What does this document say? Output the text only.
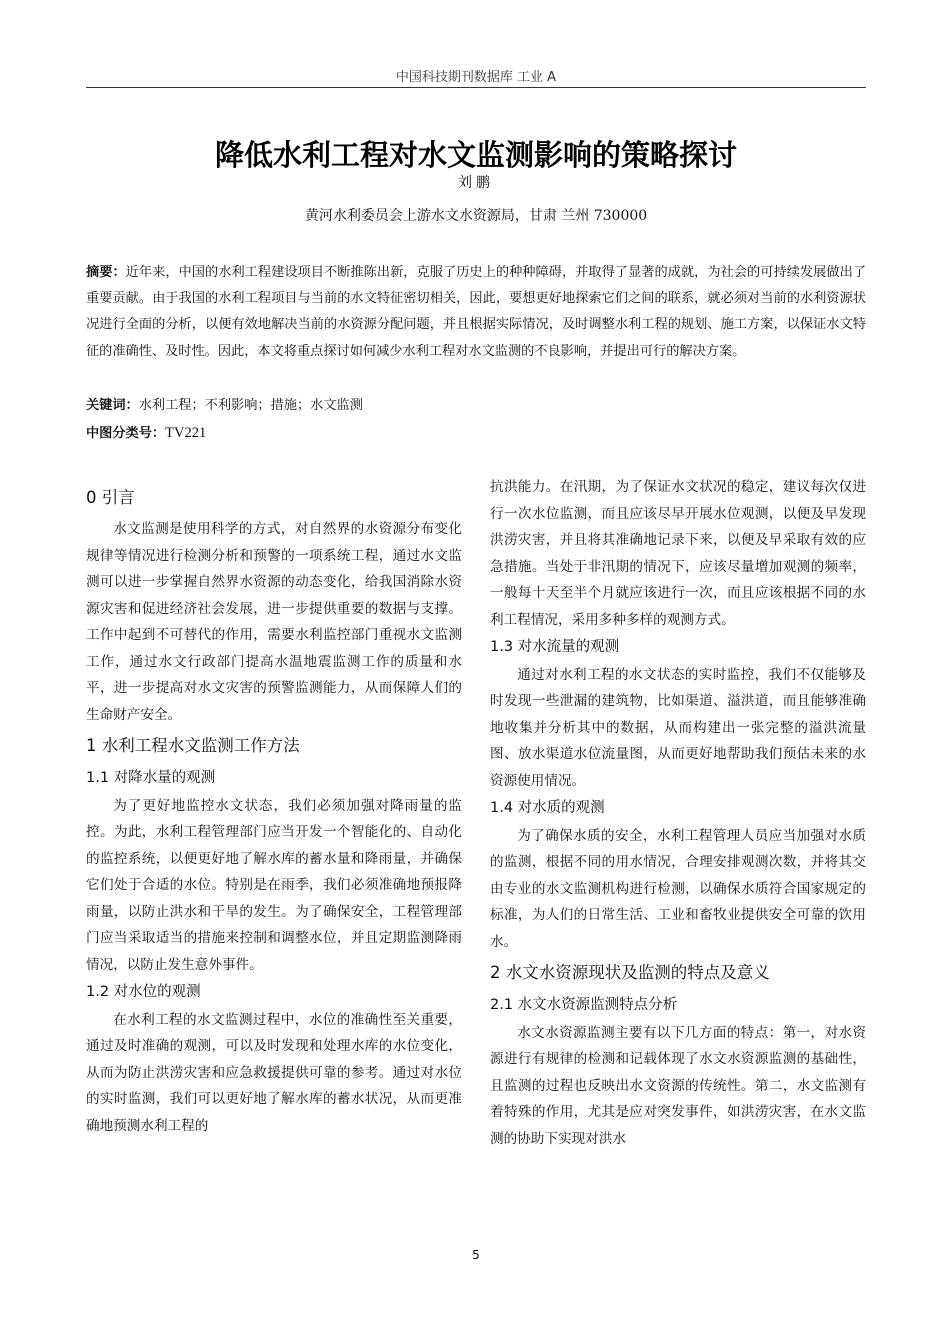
中国科技期刊数据库 工业 A
降低水利工程对水文监测影响的策略探讨
刘鹏
黄河水利委员会上游水文水资源局，甘肃 兰州 730000

摘要：近年来，中国的水利工程建设项目不断推陈出新，克服了历史上的种种障碍，并取得了显著的成就，为社会的可持续发展做出了重要贡献。由于我国的水利工程项目与当前的水文特征密切相关，因此，要想更好地探索它们之间的联系，就必须对当前的水利资源状况进行全面的分析，以便有效地解决当前的水资源分配问题，并且根据实际情况，及时调整水利工程的规划、施工方案，以保证水文特征的准确性、及时性。因此，本文将重点探讨如何减少水利工程对水文监测的不良影响，并提出可行的解决方案。

关键词：水利工程；不利影响；措施；水文监测
中图分类号：TV221
0 引言

水文监测是使用科学的方式，对自然界的水资源分布变化规律等情况进行检测分析和预警的一项系统工程，通过水文监测可以进一步掌握自然界水资源的动态变化，给我国消除水资源灾害和促进经济社会发展，进一步提供重要的数据与支撑。工作中起到不可替代的作用，需要水利监控部门重视水文监测工作，通过水文行政部门提高水温地震监测工作的质量和水平，进一步提高对水文灾害的预警监测能力，从而保障人们的生命财产安全。

1 水利工程水文监测工作方法
1.1 对降水量的观测

为了更好地监控水文状态，我们必须加强对降雨量的监控。为此，水利工程管理部门应当开发一个智能化的、自动化的监控系统，以便更好地了解水库的蓄水量和降雨量，并确保它们处于合适的水位。特别是在雨季，我们必须准确地预报降雨量，以防止洪水和干旱的发生。为了确保安全，工程管理部门应当采取适当的措施来控制和调整水位，并且定期监测降雨情况，以防止发生意外事件。

1.2 对水位的观测

在水利工程的水文监测过程中，水位的准确性至关重要，通过及时准确的观测，可以及时发现和处理水库的水位变化，从而为防止洪涝灾害和应急救援提供可靠的参考。通过对水位的实时监测，我们可以更好地了解水库的蓄水状况，从而更准确地预测水利工程的

抗洪能力。在汛期，为了保证水文状况的稳定，建议每次仅进行一次水位监测，而且应该尽早开展水位观测，以便及早发现洪涝灾害，并且将其准确地记录下来，以便及早采取有效的应急措施。当处于非汛期的情况下，应该尽量增加观测的频率，一般每十天至半个月就应该进行一次，而且应该根据不同的水利工程情况，采用多种多样的观测方式。

1.3 对水流量的观测

通过对水利工程的水文状态的实时监控，我们不仅能够及时发现一些泄漏的建筑物，比如渠道、溢洪道，而且能够准确地收集并分析其中的数据，从而构建出一张完整的溢洪流量图、放水渠道水位流量图，从而更好地帮助我们预估未来的水资源使用情况。

1.4 对水质的观测

为了确保水质的安全，水利工程管理人员应当加强对水质的监测，根据不同的用水情况，合理安排观测次数，并将其交由专业的水文监测机构进行检测，以确保水质符合国家规定的标准，为人们的日常生活、工业和畜牧业提供安全可靠的饮用水。

2 水文水资源现状及监测的特点及意义
2.1 水文水资源监测特点分析

水文水资源监测主要有以下几方面的特点：第一，对水资源进行有规律的检测和记载体现了水文水资源监测的基础性，且监测的过程也反映出水文资源的传统性。第二，水文监测有着特殊的作用，尤其是应对突发事件，如洪涝灾害，在水文监测的协助下实现对洪水

5
